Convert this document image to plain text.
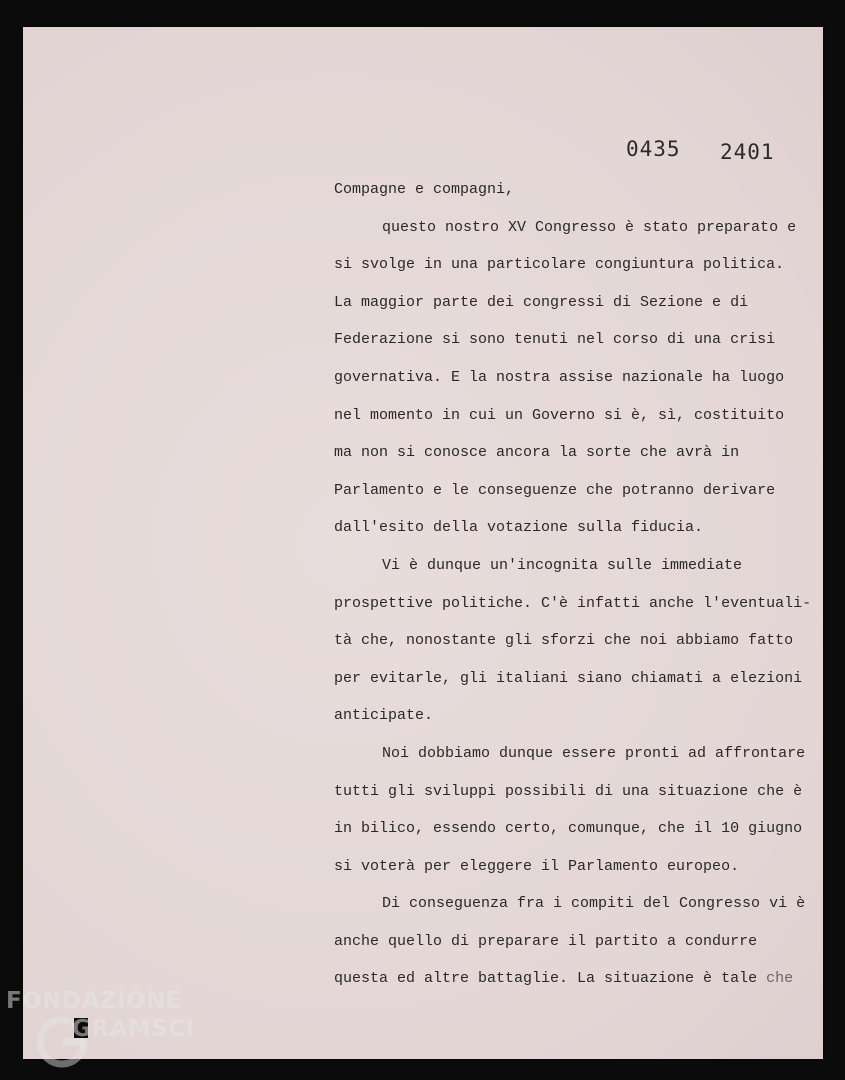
0435 2401
Compagne e compagni,
questo nostro XV Congresso è stato preparato e
si svolge in una particolare congiuntura politica.
La maggior parte dei congressi di Sezione e di
Federazione si sono tenuti nel corso di una crisi
governativa. E la nostra assise nazionale ha luogo
nel momento in cui un Governo si è, sì, costituito
ma non si conosce ancora la sorte che avrà in
Parlamento e le conseguenze che potranno derivare
dall'esito della votazione sulla fiducia.
Vi è dunque un'incognita sulle immediate
prospettive politiche. C'è infatti anche l'eventuali-
tà che, nonostante gli sforzi che noi abbiamo fatto
per evitarle, gli italiani siano chiamati a elezioni
anticipate.
Noi dobbiamo dunque essere pronti ad affrontare
tutti gli sviluppi possibili di una situazione che è
in bilico, essendo certo, comunque, che il 10 giugno
si voterà per eleggere il Parlamento europeo.
Di conseguenza fra i compiti del Congresso vi è
anche quello di preparare il partito a condurre
questa ed altre battaglie. La situazione è tale che
FONDAZIONE
GRAMSCI
onlus
